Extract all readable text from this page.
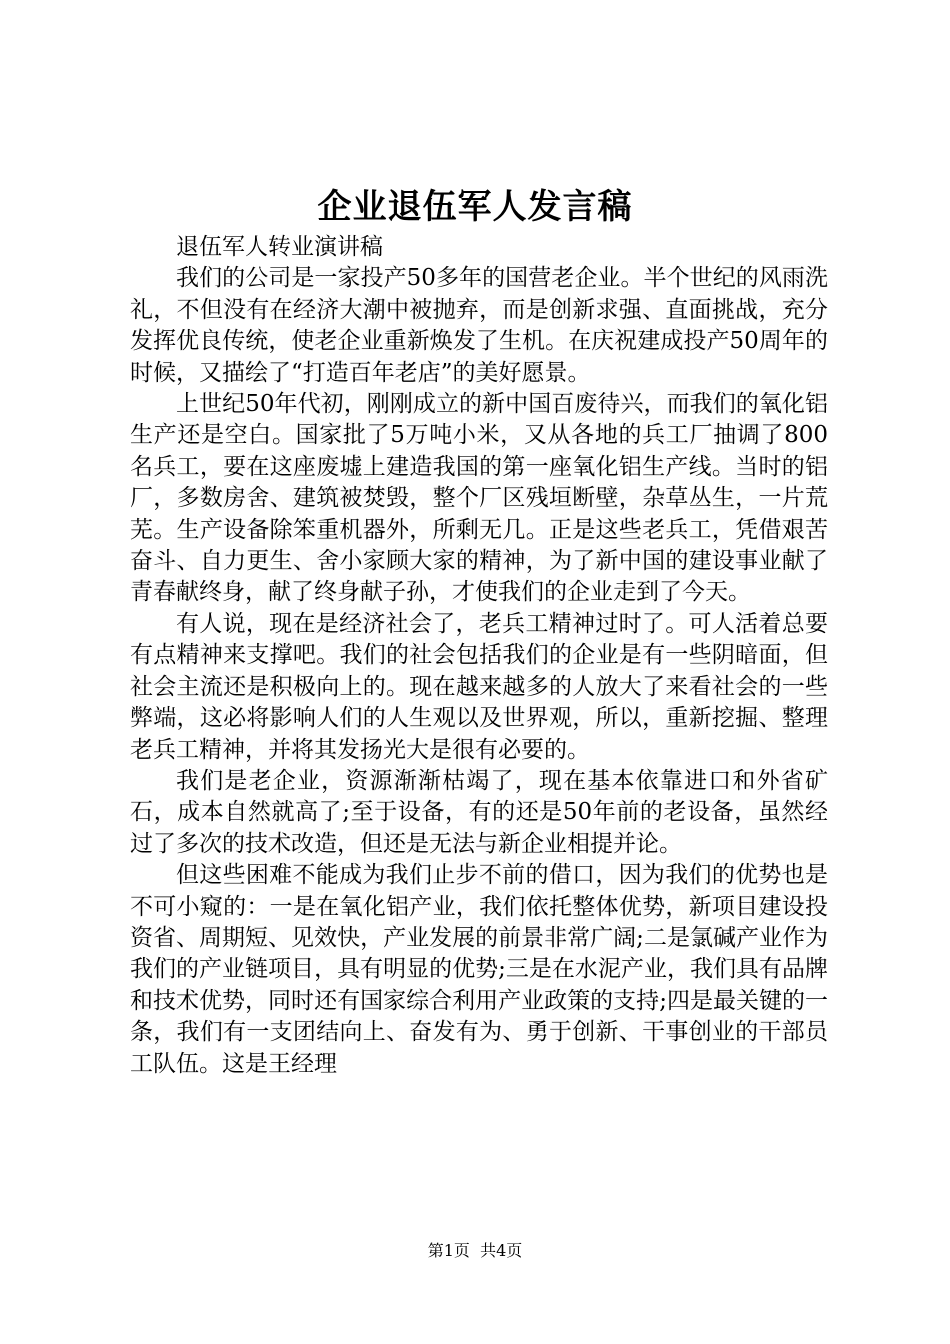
企业退伍军人发言稿

退伍军人转业演讲稿

我们的公司是一家投产50多年的国营老企业。半个世纪的风雨洗礼，不但没有在经济大潮中被抛弃，而是创新求强、直面挑战，充分发挥优良传统，使老企业重新焕发了生机。在庆祝建成投产50周年的时候，又描绘了“打造百年老店”的美好愿景。

上世纪50年代初，刚刚成立的新中国百废待兴，而我们的氧化铝生产还是空白。国家批了5万吨小米，又从各地的兵工厂抽调了800名兵工，要在这座废墟上建造我国的第一座氧化铝生产线。当时的铝厂，多数房舍、建筑被焚毁，整个厂区残垣断壁，杂草丛生，一片荒芜。生产设备除笨重机器外，所剩无几。正是这些老兵工，凭借艰苦奋斗、自力更生、舍小家顾大家的精神，为了新中国的建设事业献了青春献终身，献了终身献子孙，才使我们的企业走到了今天。

有人说，现在是经济社会了，老兵工精神过时了。可人活着总要有点精神来支撑吧。我们的社会包括我们的企业是有一些阴暗面，但社会主流还是积极向上的。现在越来越多的人放大了来看社会的一些弊端，这必将影响人们的人生观以及世界观，所以，重新挖掘、整理老兵工精神，并将其发扬光大是很有必要的。

我们是老企业，资源渐渐枯竭了，现在基本依靠进口和外省矿石，成本自然就高了;至于设备，有的还是50年前的老设备，虽然经过了多次的技术改造，但还是无法与新企业相提并论。

但这些困难不能成为我们止步不前的借口，因为我们的优势也是不可小窥的：一是在氧化铝产业，我们依托整体优势，新项目建设投资省、周期短、见效快，产业发展的前景非常广阔;二是氯碱产业作为我们的产业链项目，具有明显的优势;三是在水泥产业，我们具有品牌和技术优势，同时还有国家综合利用产业政策的支持;四是最关键的一条，我们有一支团结向上、奋发有为、勇于创新、干事创业的干部员工队伍。这是王经理

第1页  共4页
